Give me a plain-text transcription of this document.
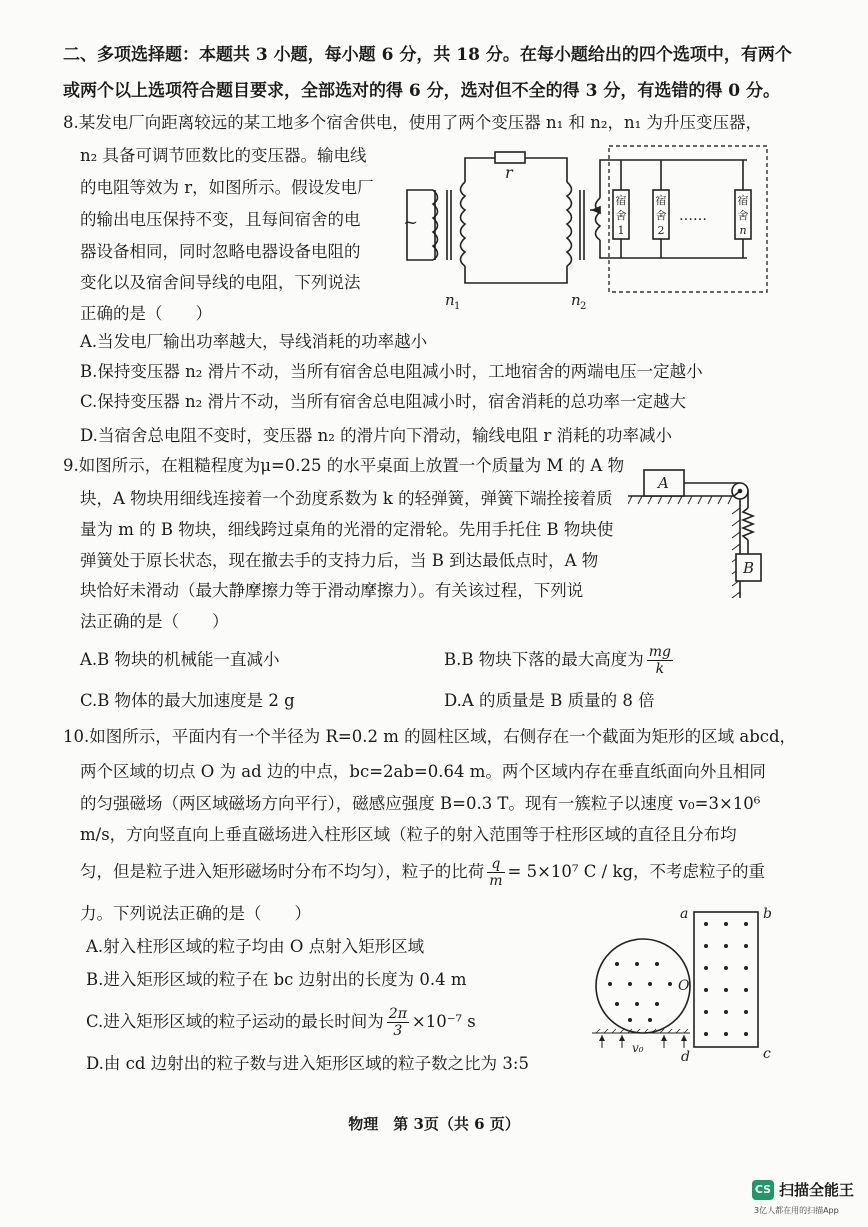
二、多项选择题：本题共 3 小题，每小题 6 分，共 18 分。在每小题给出的四个选项中，有两个
或两个以上选项符合题目要求，全部选对的得 6 分，选对但不全的得 3 分，有选错的得 0 分。
8.某发电厂向距离较远的某工地多个宿舍供电，使用了两个变压器 n₁ 和 n₂，n₁ 为升压变压器，
n₂ 具备可调节匝数比的变压器。输电线
的电阻等效为 r，如图所示。假设发电厂
的输出电压保持不变，且每间宿舍的电
器设备相同，同时忽略电器设备电阻的
变化以及宿舍间导线的电阻，下列说法
正确的是（　　）
~
r
n 1	n 2
宿
舍
1
宿
舍
2
宿
舍
n
……
A.当发电厂输出功率越大，导线消耗的功率越小
B.保持变压器 n₂ 滑片不动，当所有宿舍总电阻减小时，工地宿舍的两端电压一定越小
C.保持变压器 n₂ 滑片不动，当所有宿舍总电阻减小时，宿舍消耗的总功率一定越大
D.当宿舍总电阻不变时，变压器 n₂ 的滑片向下滑动，输线电阻 r 消耗的功率减小
9.如图所示，在粗糙程度为μ=0.25 的水平桌面上放置一个质量为 M 的 A 物
块，A 物块用细线连接着一个劲度系数为 k 的轻弹簧，弹簧下端拴接着质
量为 m 的 B 物块，细线跨过桌角的光滑的定滑轮。先用手托住 B 物块使
弹簧处于原长状态，现在撤去手的支持力后，当 B 到达最低点时，A 物
块恰好未滑动（最大静摩擦力等于滑动摩擦力）。有关该过程，下列说
法正确的是（　　）
A
B
A.B 物块的机械能一直减小	B.B 物块下落的最大高度为 $\frac{mg}{k}$
C.B 物体的最大加速度是 2 g	D.A 的质量是 B 质量的 8 倍
10.如图所示，平面内有一个半径为 R=0.2 m 的圆柱区域，右侧存在一个截面为矩形的区域 abcd，
两个区域的切点 O 为 ad 边的中点，bc=2ab=0.64 m。两个区域内存在垂直纸面向外且相同
的匀强磁场（两区域磁场方向平行），磁感应强度 B=0.3 T。现有一簇粒子以速度 v₀=3×10⁶
m/s，方向竖直向上垂直磁场进入柱形区域（粒子的射入范围等于柱形区域的直径且分布均
匀，但是粒子进入矩形磁场时分布不均匀），粒子的比荷 $\frac{q}{m} = 5\times 10^7$ C / kg，不考虑粒子的重
力。下列说法正确的是（　　）
A.射入柱形区域的粒子均由 O 点射入矩形区域
B.进入矩形区域的粒子在 bc 边射出的长度为 0.4 m
C.进入矩形区域的粒子运动的最长时间为 $\frac{2\pi}{3} \times 10^{-7}$ s
D.由 cd 边射出的粒子数与进入矩形区域的粒子数之比为 3:5
a	b
c
d
O
v₀
物理　第 3页（共 6 页）
CS 扫描全能王
3亿人都在用的扫描App
